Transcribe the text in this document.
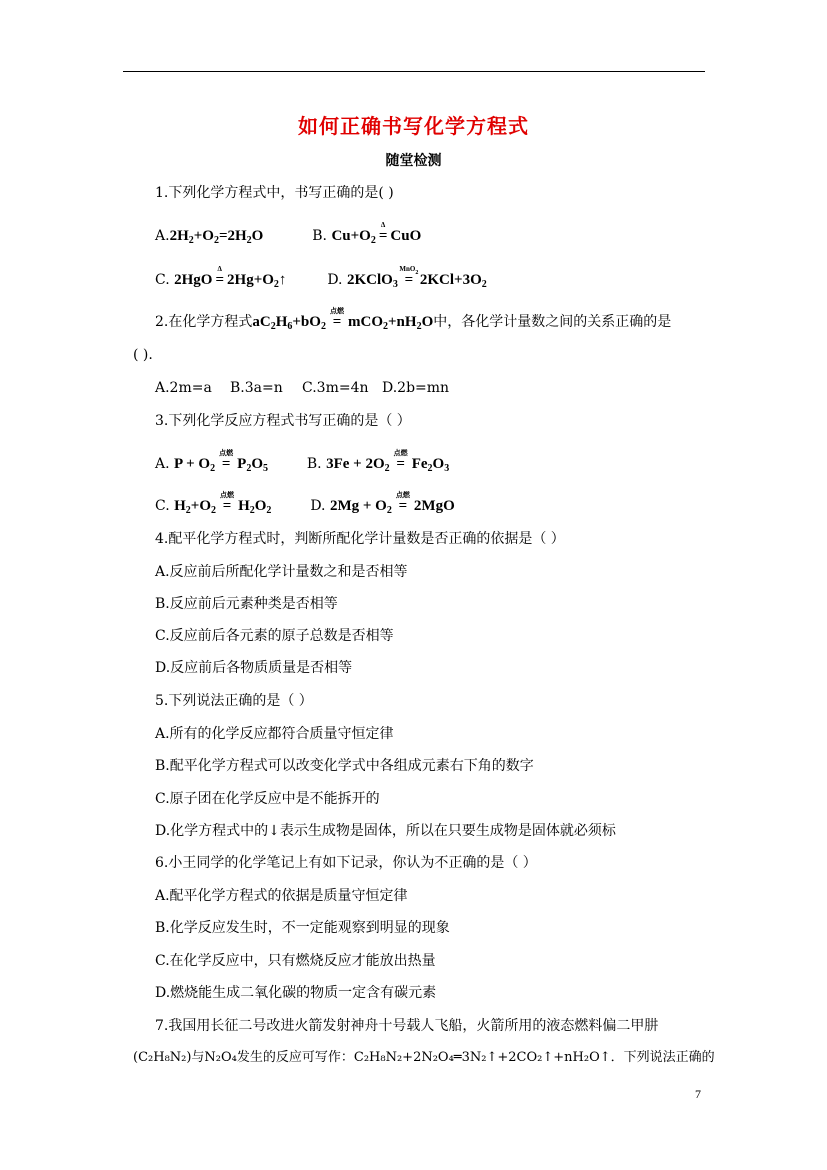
如何正确书写化学方程式
随堂检测
1.下列化学方程式中，书写正确的是( )
$A.2H_2+O_2=2H_2O$	B. $Cu+O_2$ =
Δ
CuO
C. 2HgO =
Δ
$2Hg+O_2↑$	D. 2KClO$_3$ =
MnO$_2$ $2KCl+3O_2$
2.在化学方程式$aC_2H_6+bO_2$ =
点燃
$mCO_2+nH_2O$中，各化学计量数之间的关系正确的是
( ).
A.2m=a B.3a=n C.3m=4n D.2b=mn
3.下列化学反应方程式书写正确的是（ ）
A. $P + O_2$ =
点燃
$P_2O_5$	B. $3Fe + 2O_2$ =
点燃
$Fe_2O_3$
C. $H_2+O_2$ =
点燃
$H_2O_2$	D. $2Mg + O_2$ =
点燃
2MgO
4.配平化学方程式时，判断所配化学计量数是否正确的依据是（ ）
A.反应前后所配化学计量数之和是否相等
B.反应前后元素种类是否相等
C.反应前后各元素的原子总数是否相等
D.反应前后各物质质量是否相等
5.下列说法正确的是（ ）
A.所有的化学反应都符合质量守恒定律
B.配平化学方程式可以改变化学式中各组成元素右下角的数字
C.原子团在化学反应中是不能拆开的
D.化学方程式中的↓表示生成物是固体，所以在只要生成物是固体就必须标
6.小王同学的化学笔记上有如下记录，你认为不正确的是（ ）
A.配平化学方程式的依据是质量守恒定律
B.化学反应发生时，不一定能观察到明显的现象
C.在化学反应中，只有燃烧反应才能放出热量
D.燃烧能生成二氧化碳的物质一定含有碳元素
7.我国用长征二号改进火箭发射神舟十号载人飞船，火箭所用的液态燃料偏二甲肼
(C₂H₈N₂)与N₂O₄发生的反应可写作：C₂H₈N₂+2N₂O₄═3N₂↑+2CO₂↑+nH₂O↑．下列说法正确的
7
